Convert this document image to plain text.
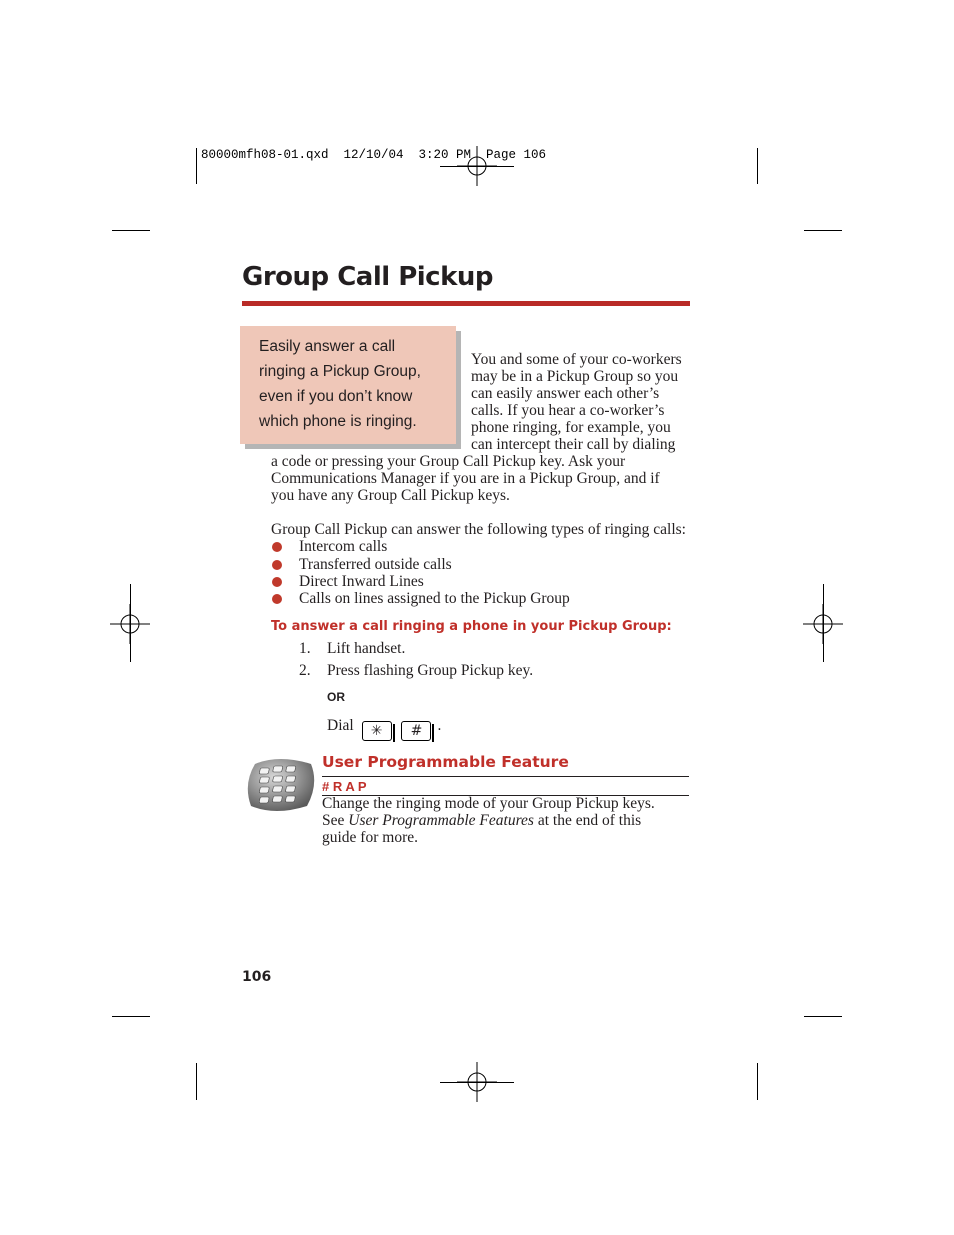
80000mfh08-01.qxd  12/10/04  3:20 PM  Page 106
Group Call Pickup
Easily answer a call
ringing a Pickup Group,
even if you don’t know
which phone is ringing.
You and some of your co-workers
may be in a Pickup Group so you
can easily answer each other’s
calls. If you hear a co-worker’s
phone ringing, for example, you
can intercept their call by dialing
a code or pressing your Group Call Pickup key. Ask your
Communications Manager if you are in a Pickup Group, and if
you have any Group Call Pickup keys.
Group Call Pickup can answer the following types of ringing calls:
Intercom calls
Transferred outside calls
Direct Inward Lines
Calls on lines assigned to the Pickup Group
To answer a call ringing a phone in your Pickup Group:
1. Lift handset.
2. Press flashing Group Pickup key.
OR
Dial ✳ # .
User Programmable Feature
# R A P
Change the ringing mode of your Group Pickup keys.
See User Programmable Features at the end of this
guide for more.
106
